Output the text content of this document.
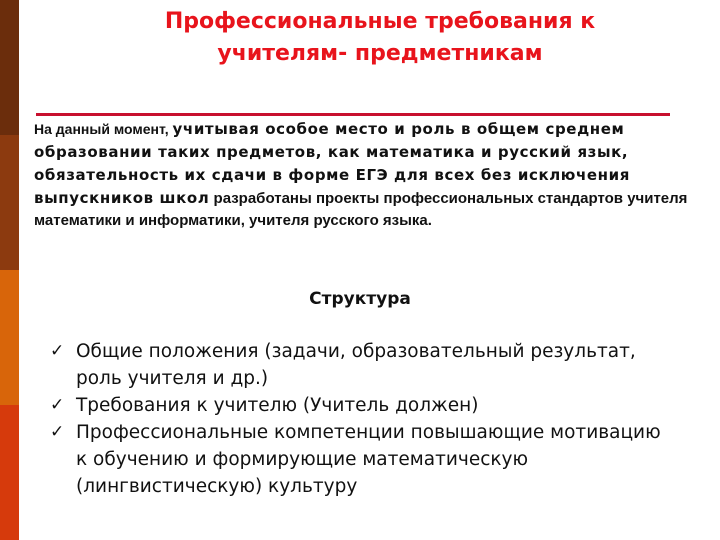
Профессиональные требования к
учителям- предметникам
На данный момент, учитывая особое место и роль в общем среднем образовании таких предметов, как математика и русский язык, обязательность их сдачи в форме ЕГЭ для всех без исключения выпускников школ разработаны проекты профессиональных стандартов учителя математики и информатики, учителя русского языка.
Структура
✓ Общие положения (задачи, образовательный результат, роль учителя и др.)
✓ Требования к учителю (Учитель должен)
✓ Профессиональные компетенции повышающие мотивацию к обучению и формирующие математическую (лингвистическую) культуру
